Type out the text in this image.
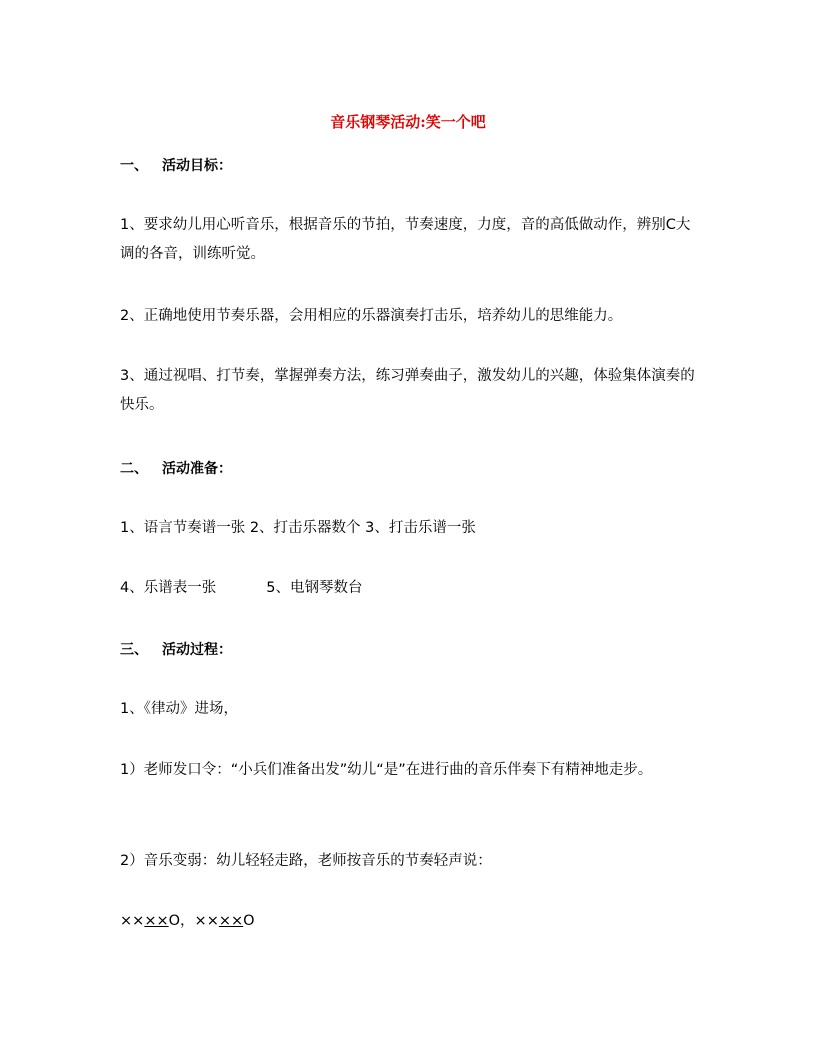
音乐钢琴活动:笑一个吧
一、 活动目标：
1、要求幼儿用心听音乐，根据音乐的节拍，节奏速度，力度，音的高低做动作，辨别C大调的各音，训练听觉。
2、正确地使用节奏乐器，会用相应的乐器演奏打击乐，培养幼儿的思维能力。
3、通过视唱、打节奏，掌握弹奏方法，练习弹奏曲子，激发幼儿的兴趣，体验集体演奏的快乐。
二、 活动准备：
1、语言节奏谱一张 2、打击乐器数个 3、打击乐谱一张
4、乐谱表一张	5、电钢琴数台
三、 活动过程：
1、《律动》进场，
1）老师发口令：“小兵们准备出发”幼儿“是”在进行曲的音乐伴奏下有精神地走步。
2）音乐变弱：幼儿轻轻走路，老师按音乐的节奏轻声说：
××××O，××××O
